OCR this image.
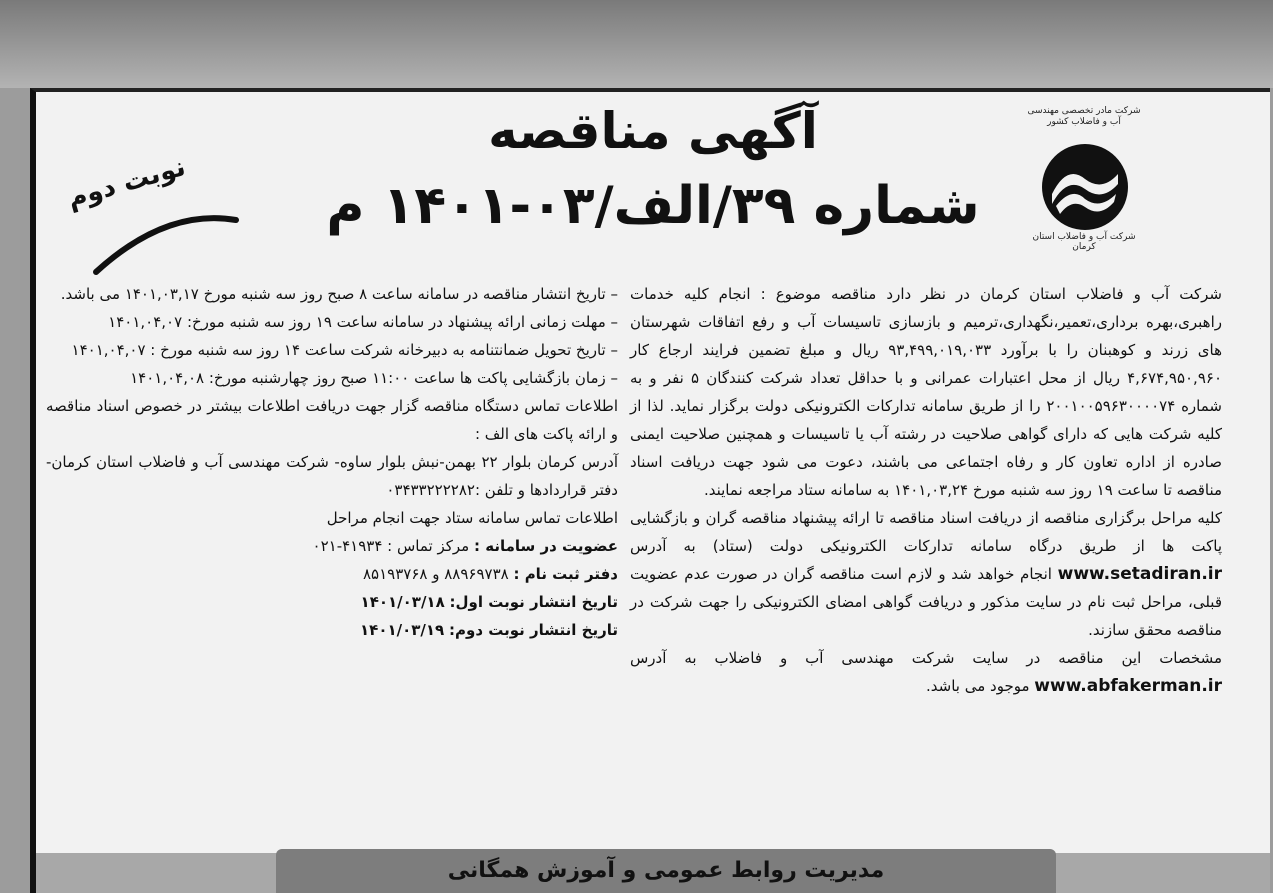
شرکت مادر تخصصی مهندسی آب و فاضلاب کشور
شرکت آب و فاضلاب استان کرمان
آگهی مناقصه
شماره ۳۹/الف/۰۳-۱۴۰۱ م
نوبت دوم

شرکت آب و فاضلاب استان کرمان در نظر دارد مناقصه موضوع : انجام کلیه خدمات راهبری،بهره برداری،تعمیر،نگهداری،ترمیم و بازسازی تاسیسات آب و رفع اتفاقات شهرستان های زرند و کوهبنان را با برآورد ۹۳,۴۹۹,۰۱۹,۰۳۳ ریال و مبلغ تضمین فرایند ارجاع کار ۴,۶۷۴,۹۵۰,۹۶۰ ریال از محل اعتبارات عمرانی و با حداقل تعداد شرکت کنندگان ۵ نفر و به شماره ۲۰۰۱۰۰۵۹۶۳۰۰۰۰۷۴ را از طریق سامانه تدارکات الکترونیکی دولت برگزار نماید. لذا از کلیه شرکت هایی که دارای گواهی صلاحیت در رشته آب یا تاسیسات و همچنین صلاحیت ایمنی صادره از اداره تعاون کار و رفاه اجتماعی می باشند، دعوت می شود جهت دریافت اسناد مناقصه تا ساعت ۱۹ روز سه شنبه مورخ ۱۴۰۱,۰۳,۲۴ به سامانه ستاد مراجعه نمایند.

کلیه مراحل برگزاری مناقصه از دریافت اسناد مناقصه تا ارائه پیشنهاد مناقصه گران و بازگشایی پاکت ها از طریق درگاه سامانه تدارکات الکترونیکی دولت (ستاد) به آدرس www.setadiran.ir انجام خواهد شد و لازم است مناقصه گران در صورت عدم عضویت قبلی، مراحل ثبت نام در سایت مذکور و دریافت گواهی امضای الکترونیکی را جهت شرکت در مناقصه محقق سازند.

مشخصات این مناقصه در سایت شرکت مهندسی آب و فاضلاب به آدرس www.abfakerman.ir موجود می باشد.

– تاریخ انتشار مناقصه در سامانه ساعت ۸ صبح روز سه شنبه مورخ ۱۴۰۱,۰۳,۱۷ می باشد.

– مهلت زمانی ارائه پیشنهاد در سامانه ساعت ۱۹ روز سه شنبه مورخ: ۱۴۰۱,۰۴,۰۷

– تاریخ تحویل ضمانتنامه به دبیرخانه شرکت ساعت ۱۴ روز سه شنبه مورخ : ۱۴۰۱,۰۴,۰۷

– زمان بازگشایی پاکت ها ساعت ۱۱:۰۰ صبح روز چهارشنبه مورخ: ۱۴۰۱,۰۴,۰۸

اطلاعات تماس دستگاه مناقصه گزار جهت دریافت اطلاعات بیشتر در خصوص اسناد مناقصه و ارائه پاکت های الف :

آدرس کرمان بلوار ۲۲ بهمن-نبش بلوار ساوه- شرکت مهندسی آب و فاضلاب استان کرمان- دفتر قراردادها و تلفن :۰۳۴۳۳۲۲۲۲۸۲

اطلاعات تماس سامانه ستاد جهت انجام مراحل

عضویت در سامانه : مرکز تماس : ۴۱۹۳۴-۰۲۱

دفتر ثبت نام : ۸۸۹۶۹۷۳۸ و ۸۵۱۹۳۷۶۸

تاریخ انتشار نوبت اول: ۱۴۰۱/۰۳/۱۸

تاریخ انتشار نوبت دوم: ۱۴۰۱/۰۳/۱۹

مدیریت روابط عمومی و آموزش همگانی
